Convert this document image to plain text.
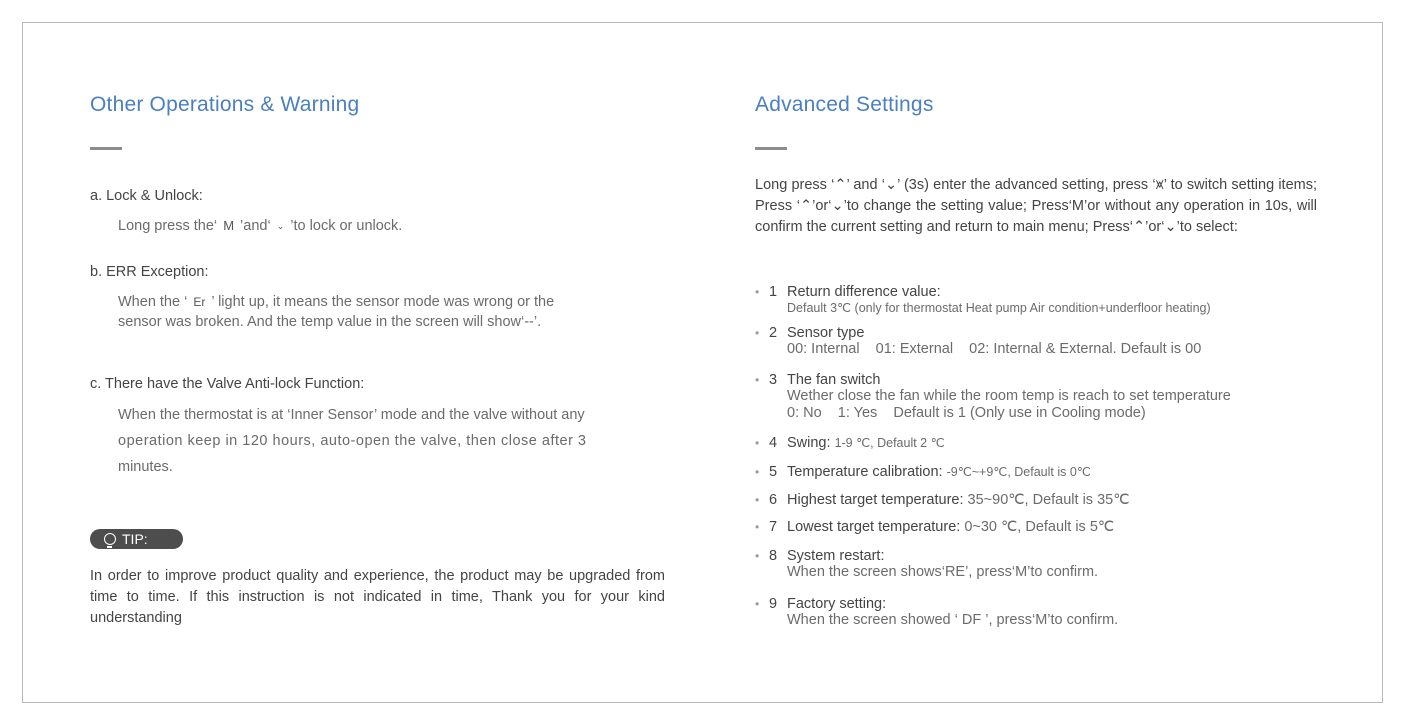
Other Operations & Warning
a. Lock & Unlock:
Long press the‘ M ’and‘ ⌄ ’to lock or unlock.
b. ERR Exception:
When the ‘ Er ’ light up, it means the sensor mode was wrong or the
sensor was broken. And the temp value in the screen will show‘--’.
c. There have the Valve Anti-lock Function:
When the thermostat is at ‘Inner Sensor’ mode and the valve without any
operation keep in 120 hours, auto-open the valve, then close after 3
minutes.
TIP:
In order to improve product quality and experience, the product may be upgraded from time to time. If this instruction is not indicated in time, Thank you for your kind understanding
Advanced Settings
Long press ‘⌃’ and ‘⌄’ (3s) enter the advanced setting, press ‘⩙’ to switch setting items; Press ‘⌃’or‘⌄’to change the setting value; Press‘M’or without any operation in 10s, will confirm the current setting and return to main menu; Press‘⌃’or‘⌄’to select:
• 1 Return difference value:
Default 3℃ (only for thermostat Heat pump Air condition+underfloor heating)
• 2 Sensor type
00: Internal    01: External    02: Internal & External. Default is 00
• 3 The fan switch
Wether close the fan while the room temp is reach to set temperature
0: No    1: Yes    Default is 1 (Only use in Cooling mode)
• 4 Swing: 1-9 ℃, Default 2 ℃
• 5 Temperature calibration: -9℃~+9℃, Default is 0℃
• 6 Highest target temperature: 35~90℃, Default is 35℃
• 7 Lowest target temperature: 0~30 ℃, Default is 5℃
• 8 System restart:
When the screen shows‘RE’, press‘M’to confirm.
• 9 Factory setting:
When the screen showed ‘ DF ’, press‘M’to confirm.
